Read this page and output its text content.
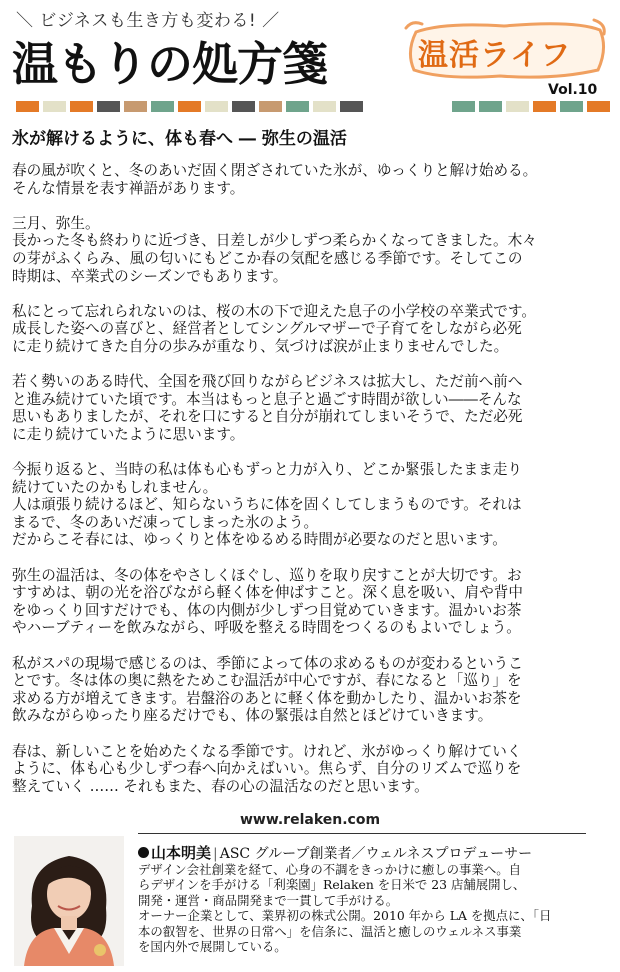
＼ ビジネスも生き方も変わる! ／
温もりの処方箋	温活ライフ
Vol.10
氷が解けるように、体も春へ ― 弥生の温活

春の風が吹くと、冬のあいだ固く閉ざされていた氷が、ゆっくりと解け始める。
そんな情景を表す禅語があります。

三月、弥生。
長かった冬も終わりに近づき、日差しが少しずつ柔らかくなってきました。木々
の芽がふくらみ、風の匂いにもどこか春の気配を感じる季節です。そしてこの
時期は、卒業式のシーズンでもあります。

私にとって忘れられないのは、桜の木の下で迎えた息子の小学校の卒業式です。
成長した姿への喜びと、経営者としてシングルマザーで子育てをしながら必死
に走り続けてきた自分の歩みが重なり、気づけば涙が止まりませんでした。

若く勢いのある時代、全国を飛び回りながらビジネスは拡大し、ただ前へ前へ
と進み続けていた頃です。本当はもっと息子と過ごす時間が欲しい――そんな
思いもありましたが、それを口にすると自分が崩れてしまいそうで、ただ必死
に走り続けていたように思います。

今振り返ると、当時の私は体も心もずっと力が入り、どこか緊張したまま走り
続けていたのかもしれません。
人は頑張り続けるほど、知らないうちに体を固くしてしまうものです。それは
まるで、冬のあいだ凍ってしまった氷のよう。
だからこそ春には、ゆっくりと体をゆるめる時間が必要なのだと思います。

弥生の温活は、冬の体をやさしくほぐし、巡りを取り戻すことが大切です。お
すすめは、朝の光を浴びながら軽く体を伸ばすこと。深く息を吸い、肩や背中
をゆっくり回すだけでも、体の内側が少しずつ目覚めていきます。温かいお茶
やハーブティーを飲みながら、呼吸を整える時間をつくるのもよいでしょう。

私がスパの現場で感じるのは、季節によって体の求めるものが変わるというこ
とです。冬は体の奥に熱をためこむ温活が中心ですが、春になると「巡り」を
求める方が増えてきます。岩盤浴のあとに軽く体を動かしたり、温かいお茶を
飲みながらゆったり座るだけでも、体の緊張は自然とほどけていきます。

春は、新しいことを始めたくなる季節です。けれど、氷がゆっくり解けていく
ように、体も心も少しずつ春へ向かえばいい。焦らず、自分のリズムで巡りを
整えていく …… それもまた、春の心の温活なのだと思います。

www.relaken.com
山本明美 | ASC グループ創業者／ウェルネスプロデューサー
デザイン会社創業を経て、心身の不調をきっかけに癒しの事業へ。自
らデザインを手がける「利楽園」Relaken を日米で 23 店舗展開し、
開発・運営・商品開発まで一貫して手がける。
オーナー企業として、業界初の株式公開。2010 年から LA を拠点に、「日
本の叡智を、世界の日常へ」を信条に、温活と癒しのウェルネス事業
を国内外で展開している。
